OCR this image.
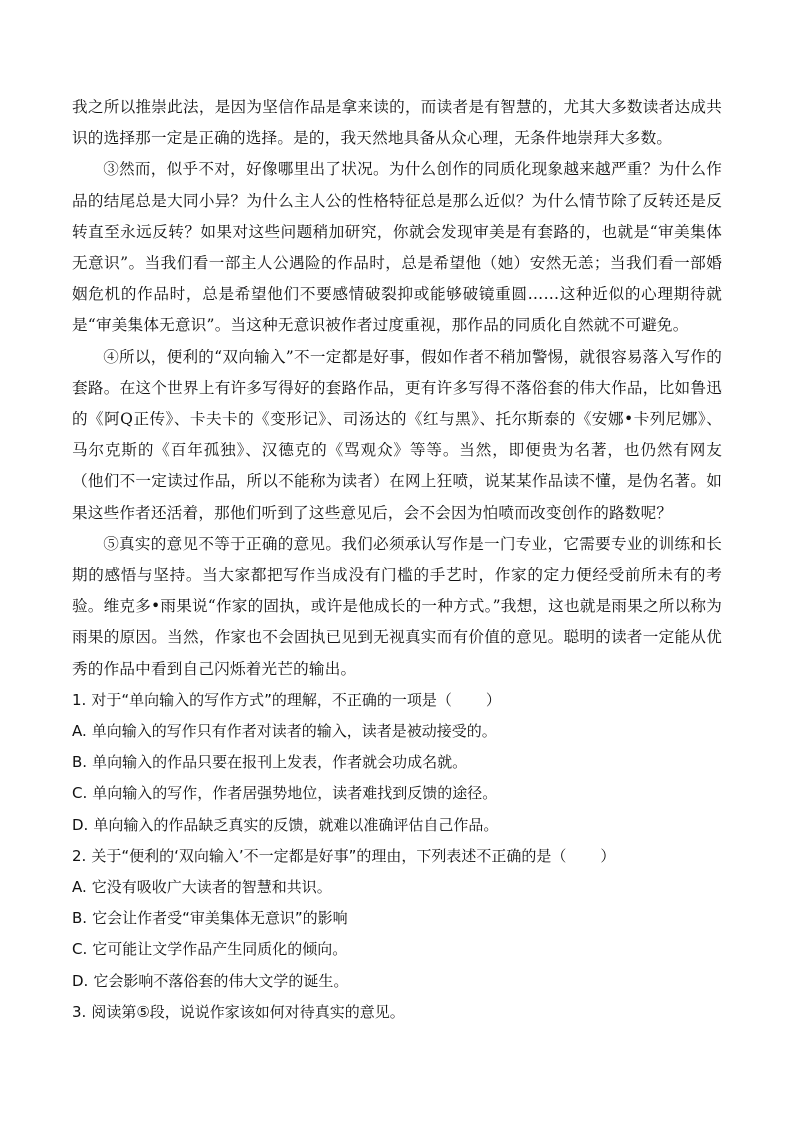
我之所以推崇此法，是因为坚信作品是拿来读的，而读者是有智慧的，尤其大多数读者达成共识的选择那一定是正确的选择。是的，我天然地具备从众心理，无条件地崇拜大多数。

③然而，似乎不对，好像哪里出了状况。为什么创作的同质化现象越来越严重？为什么作品的结尾总是大同小异？为什么主人公的性格特征总是那么近似？为什么情节除了反转还是反转直至永远反转？如果对这些问题稍加研究，你就会发现审美是有套路的，也就是“审美集体无意识”。当我们看一部主人公遇险的作品时，总是希望他（她）安然无恙；当我们看一部婚姻危机的作品时，总是希望他们不要感情破裂抑或能够破镜重圆……这种近似的心理期待就是“审美集体无意识”。当这种无意识被作者过度重视，那作品的同质化自然就不可避免。

④所以，便利的“双向输入”不一定都是好事，假如作者不稍加警惕，就很容易落入写作的套路。在这个世界上有许多写得好的套路作品，更有许多写得不落俗套的伟大作品，比如鲁迅的《阿Q正传》、卡夫卡的《变形记》、司汤达的《红与黑》、托尔斯泰的《安娜•卡列尼娜》、马尔克斯的《百年孤独》、汉德克的《骂观众》等等。当然，即便贵为名著，也仍然有网友（他们不一定读过作品，所以不能称为读者）在网上狂喷，说某某作品读不懂，是伪名著。如果这些作者还活着，那他们听到了这些意见后，会不会因为怕喷而改变创作的路数呢？

⑤真实的意见不等于正确的意见。我们必须承认写作是一门专业，它需要专业的训练和长期的感悟与坚持。当大家都把写作当成没有门槛的手艺时，作家的定力便经受前所未有的考验。维克多•雨果说“作家的固执，或许是他成长的一种方式。”我想，这也就是雨果之所以称为雨果的原因。当然，作家也不会固执已见到无视真实而有价值的意见。聪明的读者一定能从优秀的作品中看到自己闪烁着光芒的输出。

1. 对于“单向输入的写作方式”的理解，不正确的一项是（ ）

A. 单向输入的写作只有作者对读者的输入，读者是被动接受的。

B. 单向输入的作品只要在报刊上发表，作者就会功成名就。

C. 单向输入的写作，作者居强势地位，读者难找到反馈的途径。

D. 单向输入的作品缺乏真实的反馈，就难以准确评估自己作品。

2. 关于“便利的‘双向输入’不一定都是好事”的理由，下列表述不正确的是（ ）

A. 它没有吸收广大读者的智慧和共识。

B. 它会让作者受“审美集体无意识”的影响

C. 它可能让文学作品产生同质化的倾向。

D. 它会影响不落俗套的伟大文学的诞生。

3. 阅读第⑤段，说说作家该如何对待真实的意见。
